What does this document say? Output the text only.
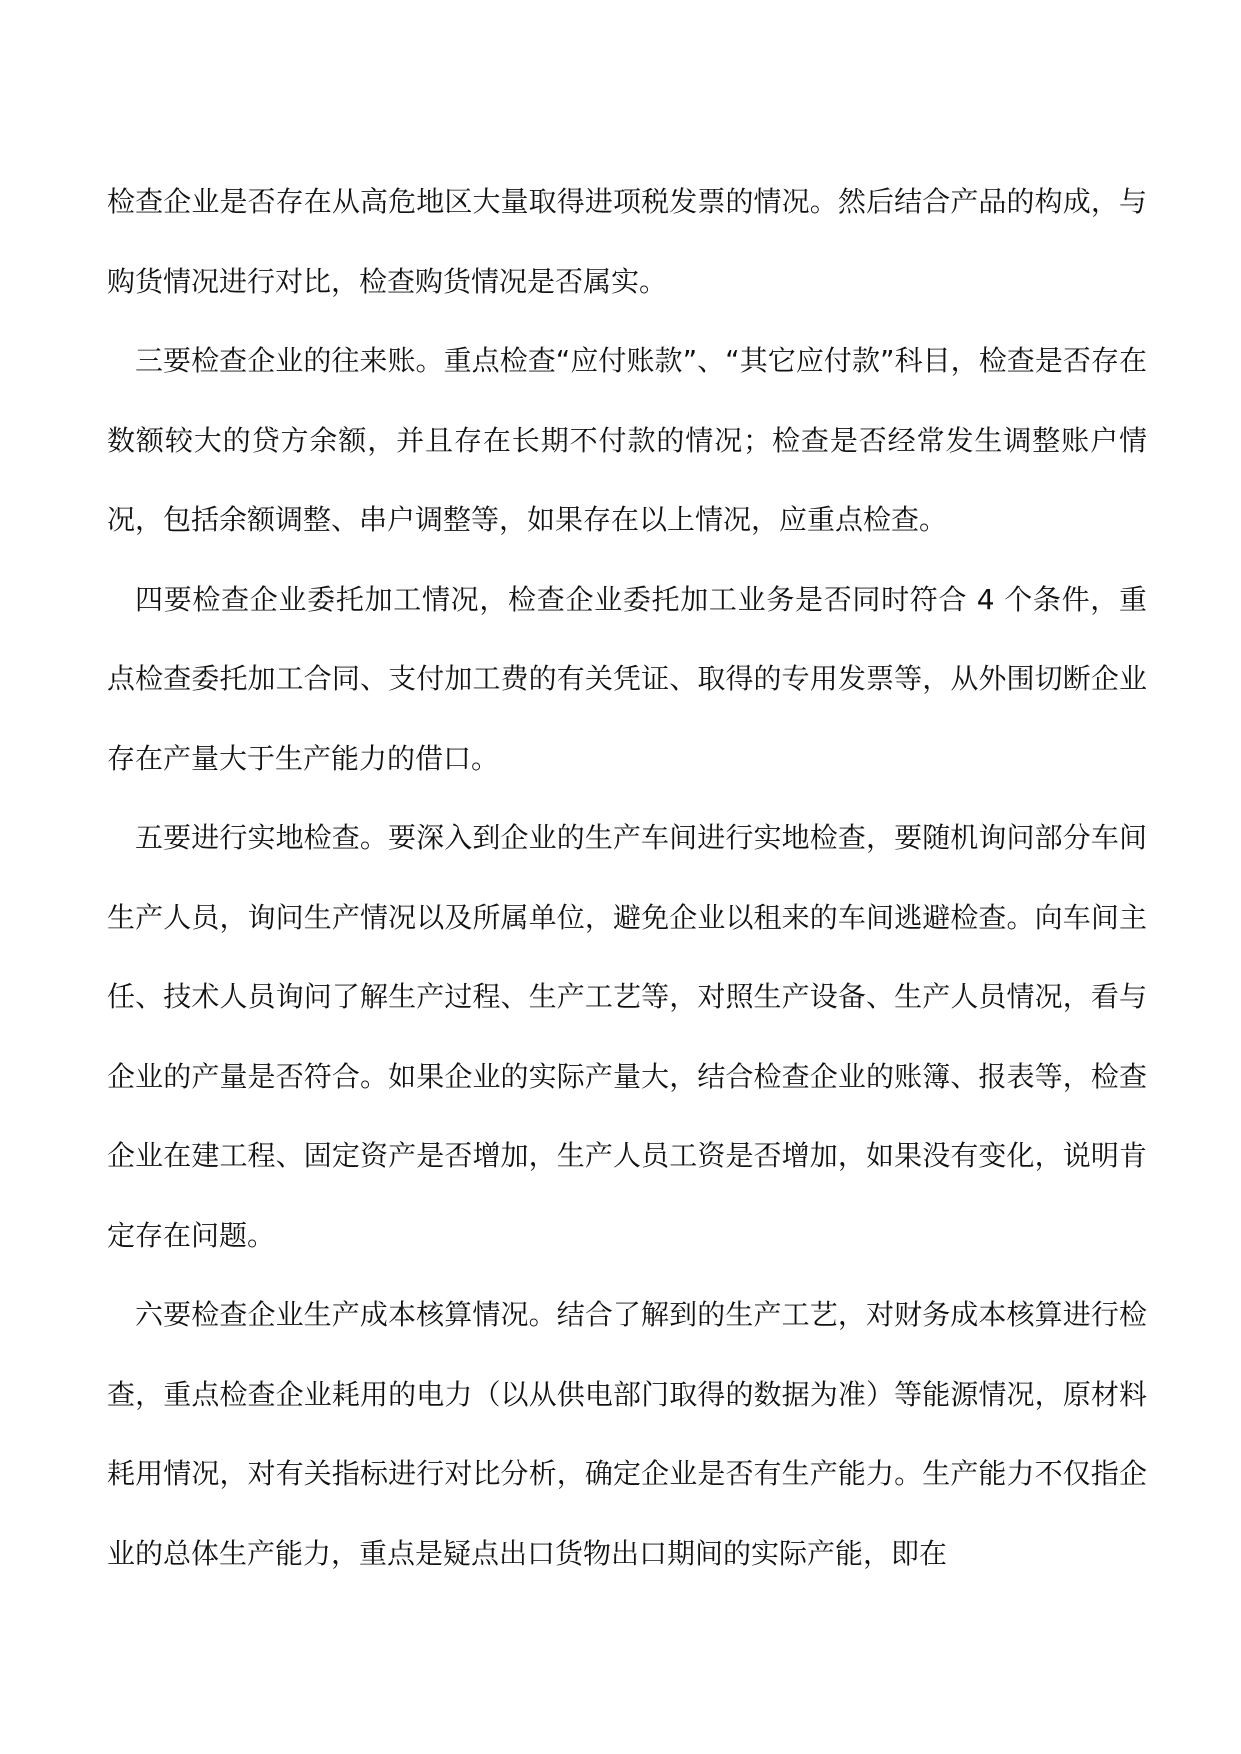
检查企业是否存在从高危地区大量取得进项税发票的情况。然后结合产品的构成，与购货情况进行对比，检查购货情况是否属实。

三要检查企业的往来账。重点检查“应付账款”、“其它应付款”科目，检查是否存在数额较大的贷方余额，并且存在长期不付款的情况；检查是否经常发生调整账户情况，包括余额调整、串户调整等，如果存在以上情况，应重点检查。

四要检查企业委托加工情况，检查企业委托加工业务是否同时符合 4 个条件，重点检查委托加工合同、支付加工费的有关凭证、取得的专用发票等，从外围切断企业存在产量大于生产能力的借口。

五要进行实地检查。要深入到企业的生产车间进行实地检查，要随机询问部分车间生产人员，询问生产情况以及所属单位，避免企业以租来的车间逃避检查。向车间主任、技术人员询问了解生产过程、生产工艺等，对照生产设备、生产人员情况，看与企业的产量是否符合。如果企业的实际产量大，结合检查企业的账簿、报表等，检查企业在建工程、固定资产是否增加，生产人员工资是否增加，如果没有变化，说明肯定存在问题。

六要检查企业生产成本核算情况。结合了解到的生产工艺，对财务成本核算进行检查，重点检查企业耗用的电力（以从供电部门取得的数据为准）等能源情况，原材料耗用情况，对有关指标进行对比分析，确定企业是否有生产能力。生产能力不仅指企业的总体生产能力，重点是疑点出口货物出口期间的实际产能，即在
